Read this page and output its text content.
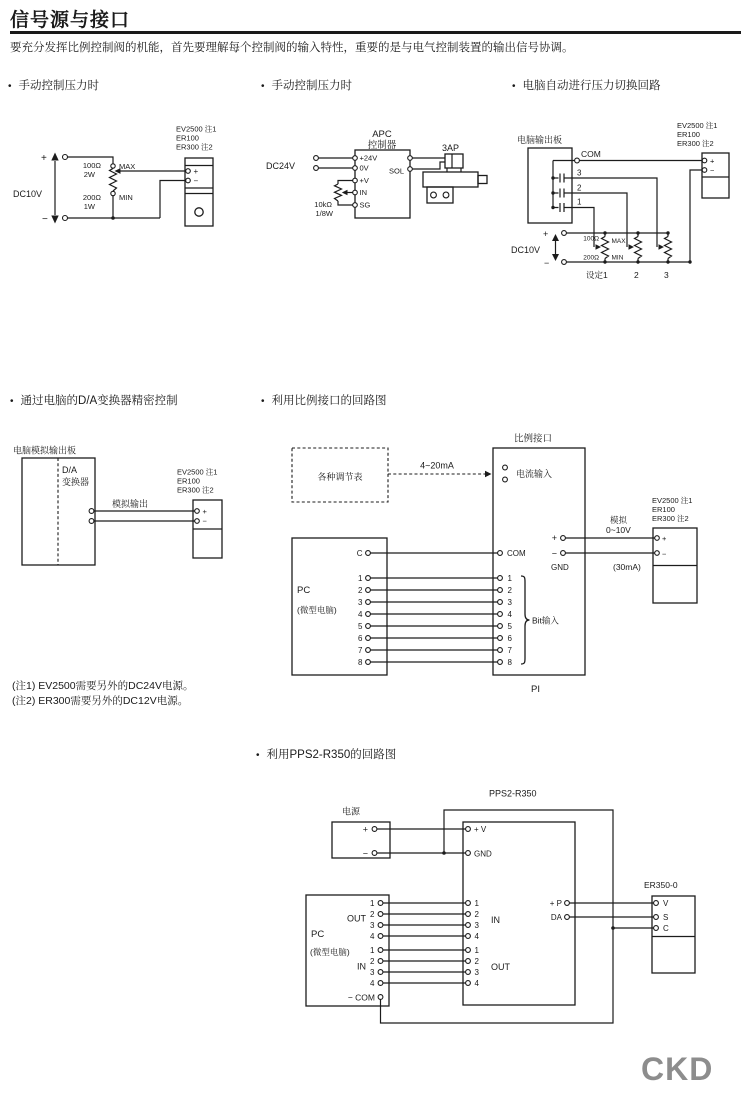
信号源与接口
要充分发挥比例控制阀的机能，首先要理解每个控制阀的输入特性，重要的是与电气控制装置的输出信号协调。
• 手动控制压力时	• 手动控制压力时	• 电脑自动进行压力切换回路
• 通过电脑的D/A变换器精密控制	• 利用比例接口的回路图
• 利用PPS2-R350的回路图
DC10V
+
−
100Ω
2W
200Ω
1W
MAX
MIN
EV2500 注1
ER100
ER300 注2
+
−
APC
控制器
DC24V
+24V
0V
+V
IN
SG
SOL
10kΩ
1/8W
3AP
电脑输出板
COM
3
2
1
DC10V
+
−
100Ω MAX
200Ω MIN
设定1	2	3
EV2500 注1
ER100
ER300 注2
+
−
电脑模拟输出板
D/A
变换器
模拟输出
EV2500 注1
ER100
ER300 注2
+
−
比例接口
各种调节表
4~20mA
电流输入
C	COM
1
2
3
4
5
6
7
8
1
2
3
4
5
6
7
8
PC
(微型电脑)
Bit输入
PI
+
−
GND
模拟
0~10V
(30mA)
EV2500 注1
ER100
ER300 注2
+
−
PPS2-R350
电源
+
−
+ V
GND
1
2
3
4
1
2
3
4
OUT
IN
− COM
PC
(微型电脑)
1
2
3
4
1
2
3
4
IN
OUT
+ P
DA
ER350-0
V
S
C
(注1) EV2500需要另外的DC24V电源。
(注2) ER300需要另外的DC12V电源。
CKD
